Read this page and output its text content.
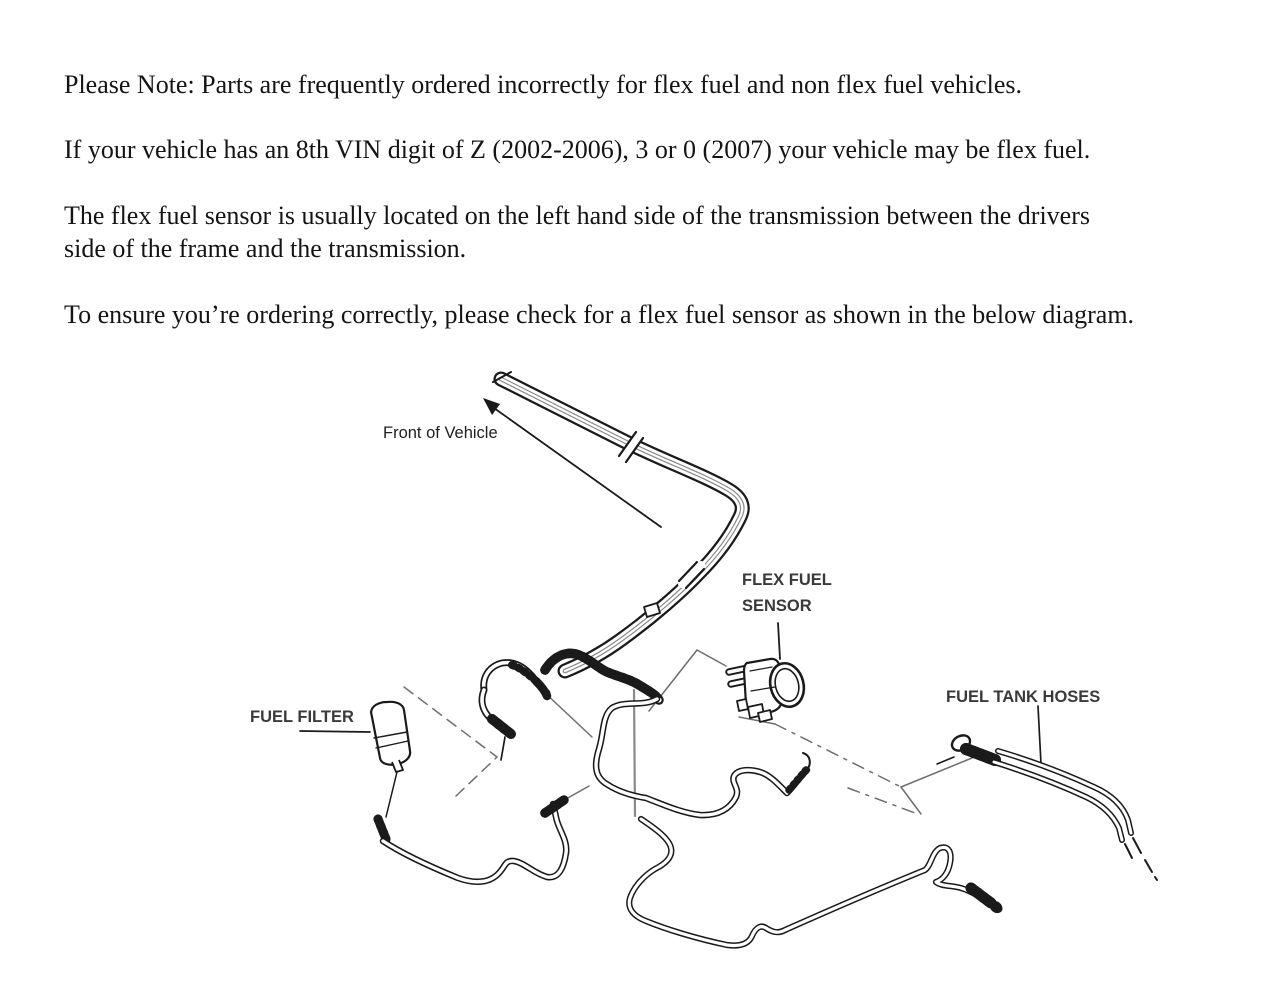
Please Note: Parts are frequently ordered incorrectly for flex fuel and non flex fuel vehicles.
If your vehicle has an 8th VIN digit of Z (2002-2006), 3 or 0 (2007) your vehicle may be flex fuel.
The flex fuel sensor is usually located on the left hand side of the transmission between the drivers
side of the frame and the transmission.
To ensure you’re ordering correctly, please check for a flex fuel sensor as shown in the below diagram.
Front of Vehicle
FLEX FUEL
SENSOR
FUEL FILTER
FUEL TANK HOSES
